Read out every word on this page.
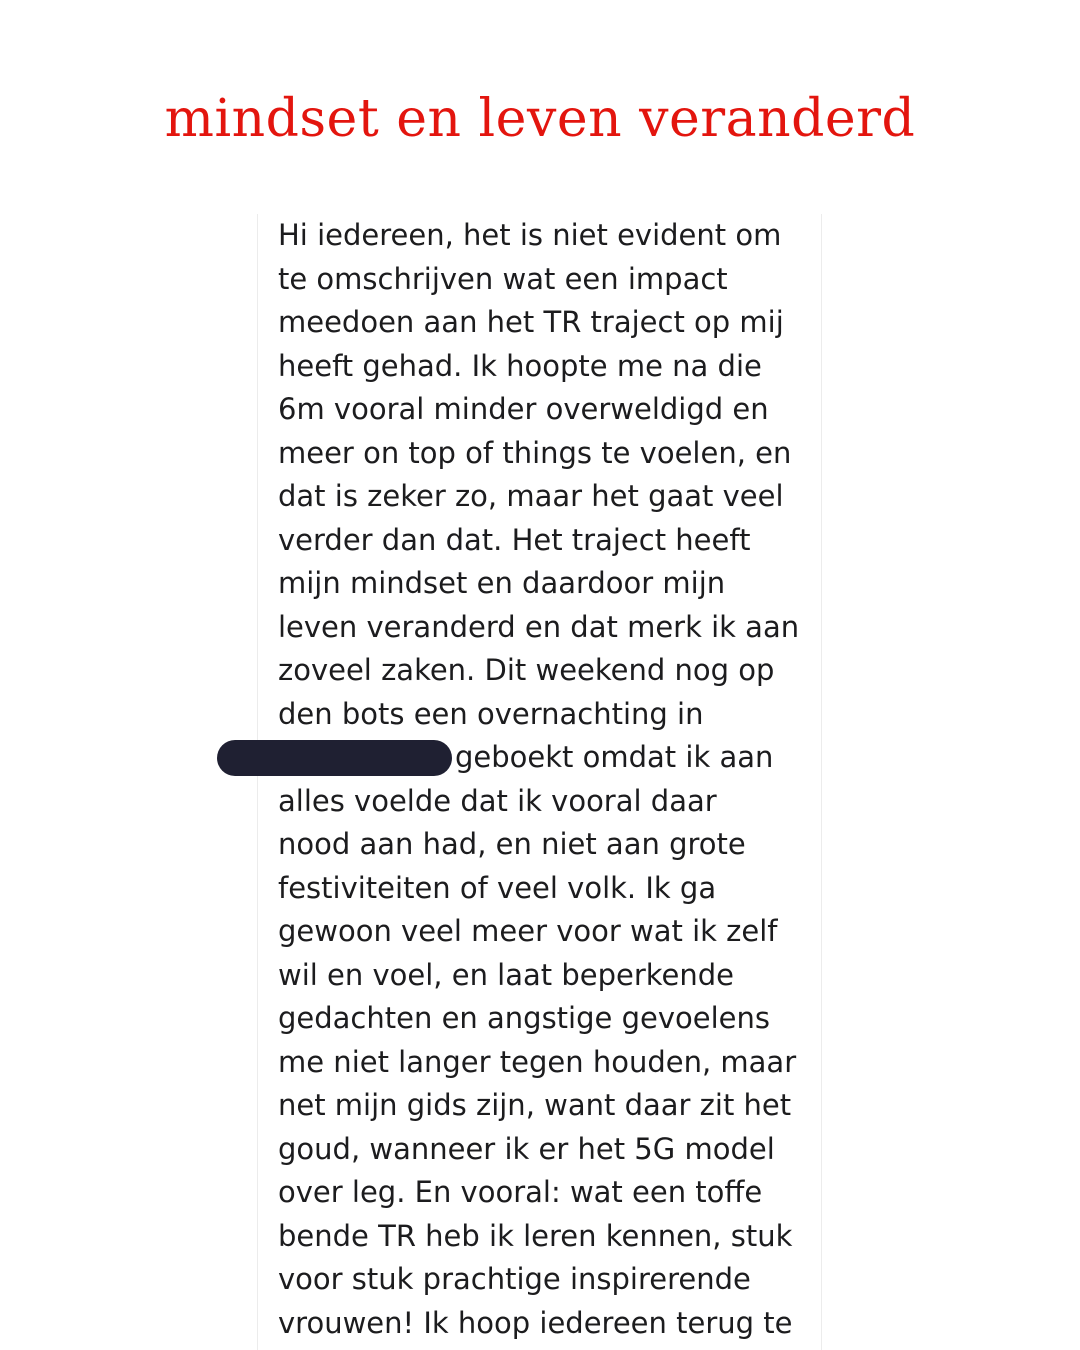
mindset en leven veranderd
Hi iedereen, het is niet evident om
te omschrijven wat een impact
meedoen aan het TR traject op mij
heeft gehad. Ik hoopte me na die
6m vooral minder overweldigd en
meer on top of things te voelen, en
dat is zeker zo, maar het gaat veel
verder dan dat. Het traject heeft
mijn mindset en daardoor mijn
leven veranderd en dat merk ik aan
zoveel zaken. Dit weekend nog op
den bots een overnachting in
geboekt omdat ik aan
alles voelde dat ik vooral daar
nood aan had, en niet aan grote
festiviteiten of veel volk. Ik ga
gewoon veel meer voor wat ik zelf
wil en voel, en laat beperkende
gedachten en angstige gevoelens
me niet langer tegen houden, maar
net mijn gids zijn, want daar zit het
goud, wanneer ik er het 5G model
over leg. En vooral: wat een toffe
bende TR heb ik leren kennen, stuk
voor stuk prachtige inspirerende
vrouwen! Ik hoop iedereen terug te
